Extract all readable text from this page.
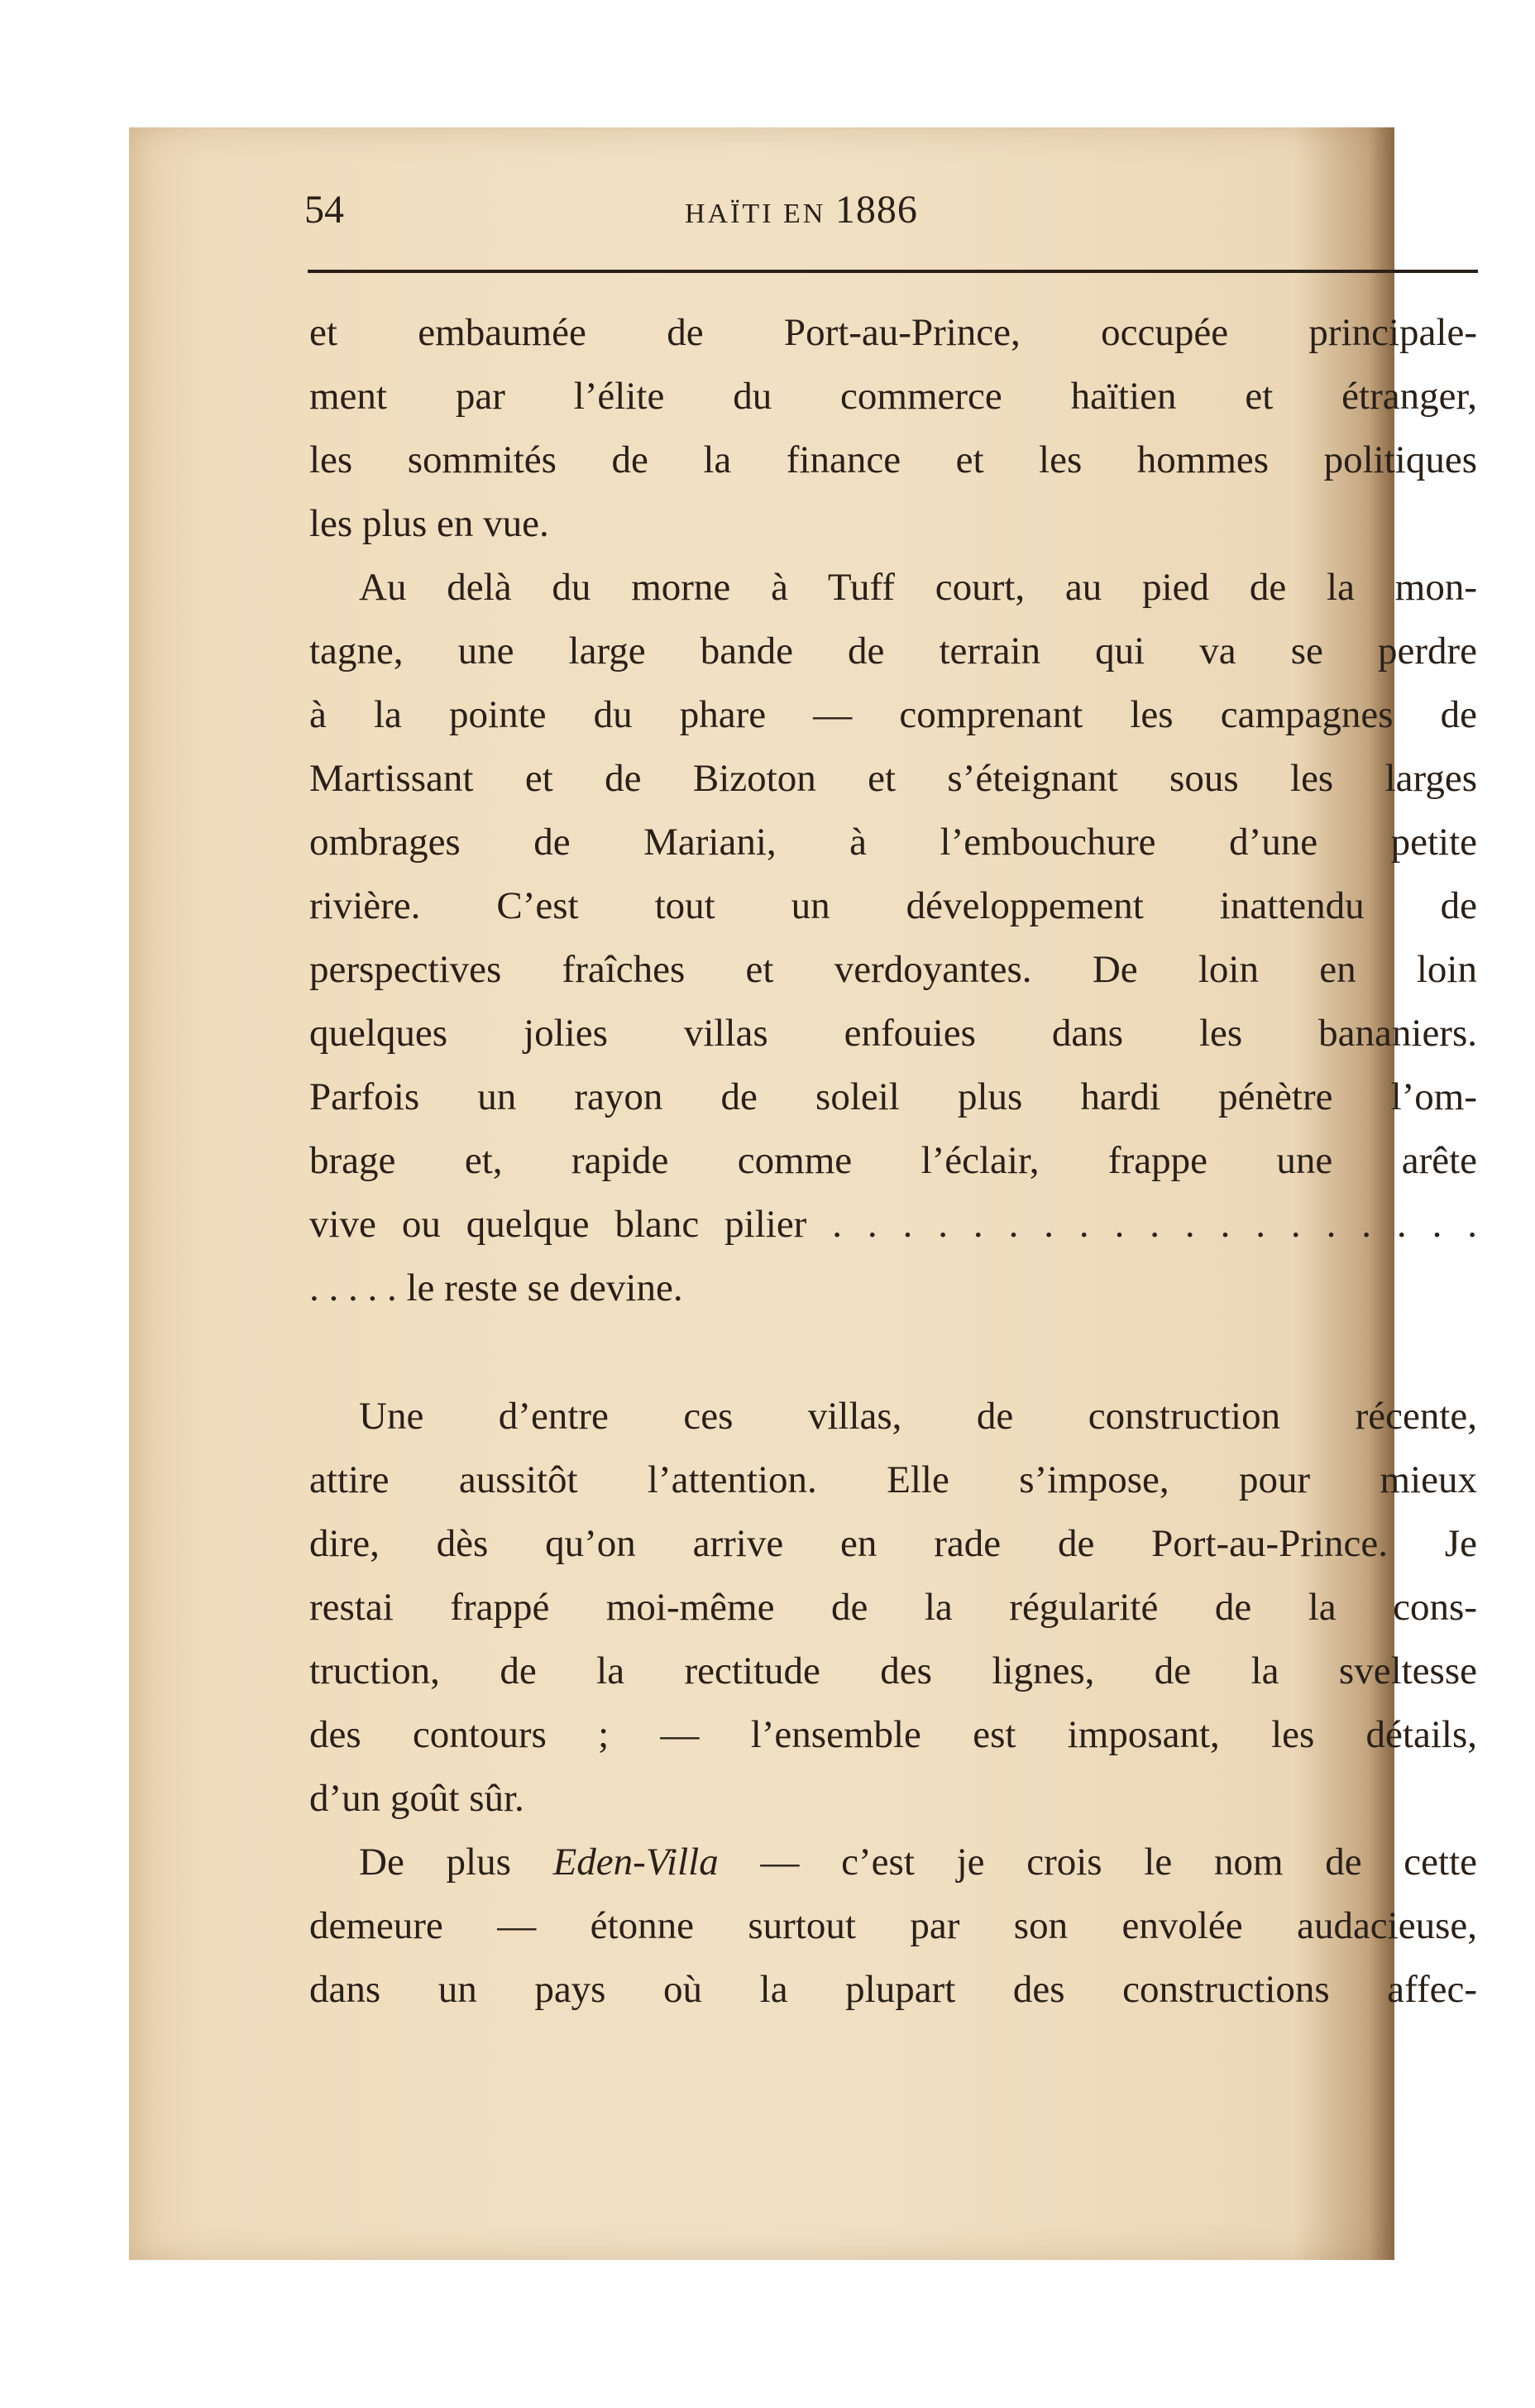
54	HAÏTI EN 1886
et embaumée de Port-au-Prince, occupée principale-
ment par l’élite du commerce haïtien et étranger,
les sommités de la finance et les hommes politiques
les plus en vue.
Au delà du morne à Tuff court, au pied de la mon-
tagne, une large bande de terrain qui va se perdre
à la pointe du phare — comprenant les campagnes de
Martissant et de Bizoton et s’éteignant sous les larges
ombrages de Mariani, à l’embouchure d’une petite
rivière. C’est tout un développement inattendu de
perspectives fraîches et verdoyantes. De loin en loin
quelques jolies villas enfouies dans les bananiers.
Parfois un rayon de soleil plus hardi pénètre l’om-
brage et, rapide comme l’éclair, frappe une arête
vive ou quelque blanc pilier . . . . . . . . . . . . . . . . . . .
. . . . . le reste se devine.
Une d’entre ces villas, de construction récente,
attire aussitôt l’attention. Elle s’impose, pour mieux
dire, dès qu’on arrive en rade de Port-au-Prince. Je
restai frappé moi-même de la régularité de la cons-
truction, de la rectitude des lignes, de la sveltesse
des contours ; — l’ensemble est imposant, les détails,
d’un goût sûr.
De plus Eden-Villa — c’est je crois le nom de cette
demeure — étonne surtout par son envolée audacieuse,
dans un pays où la plupart des constructions affec-
